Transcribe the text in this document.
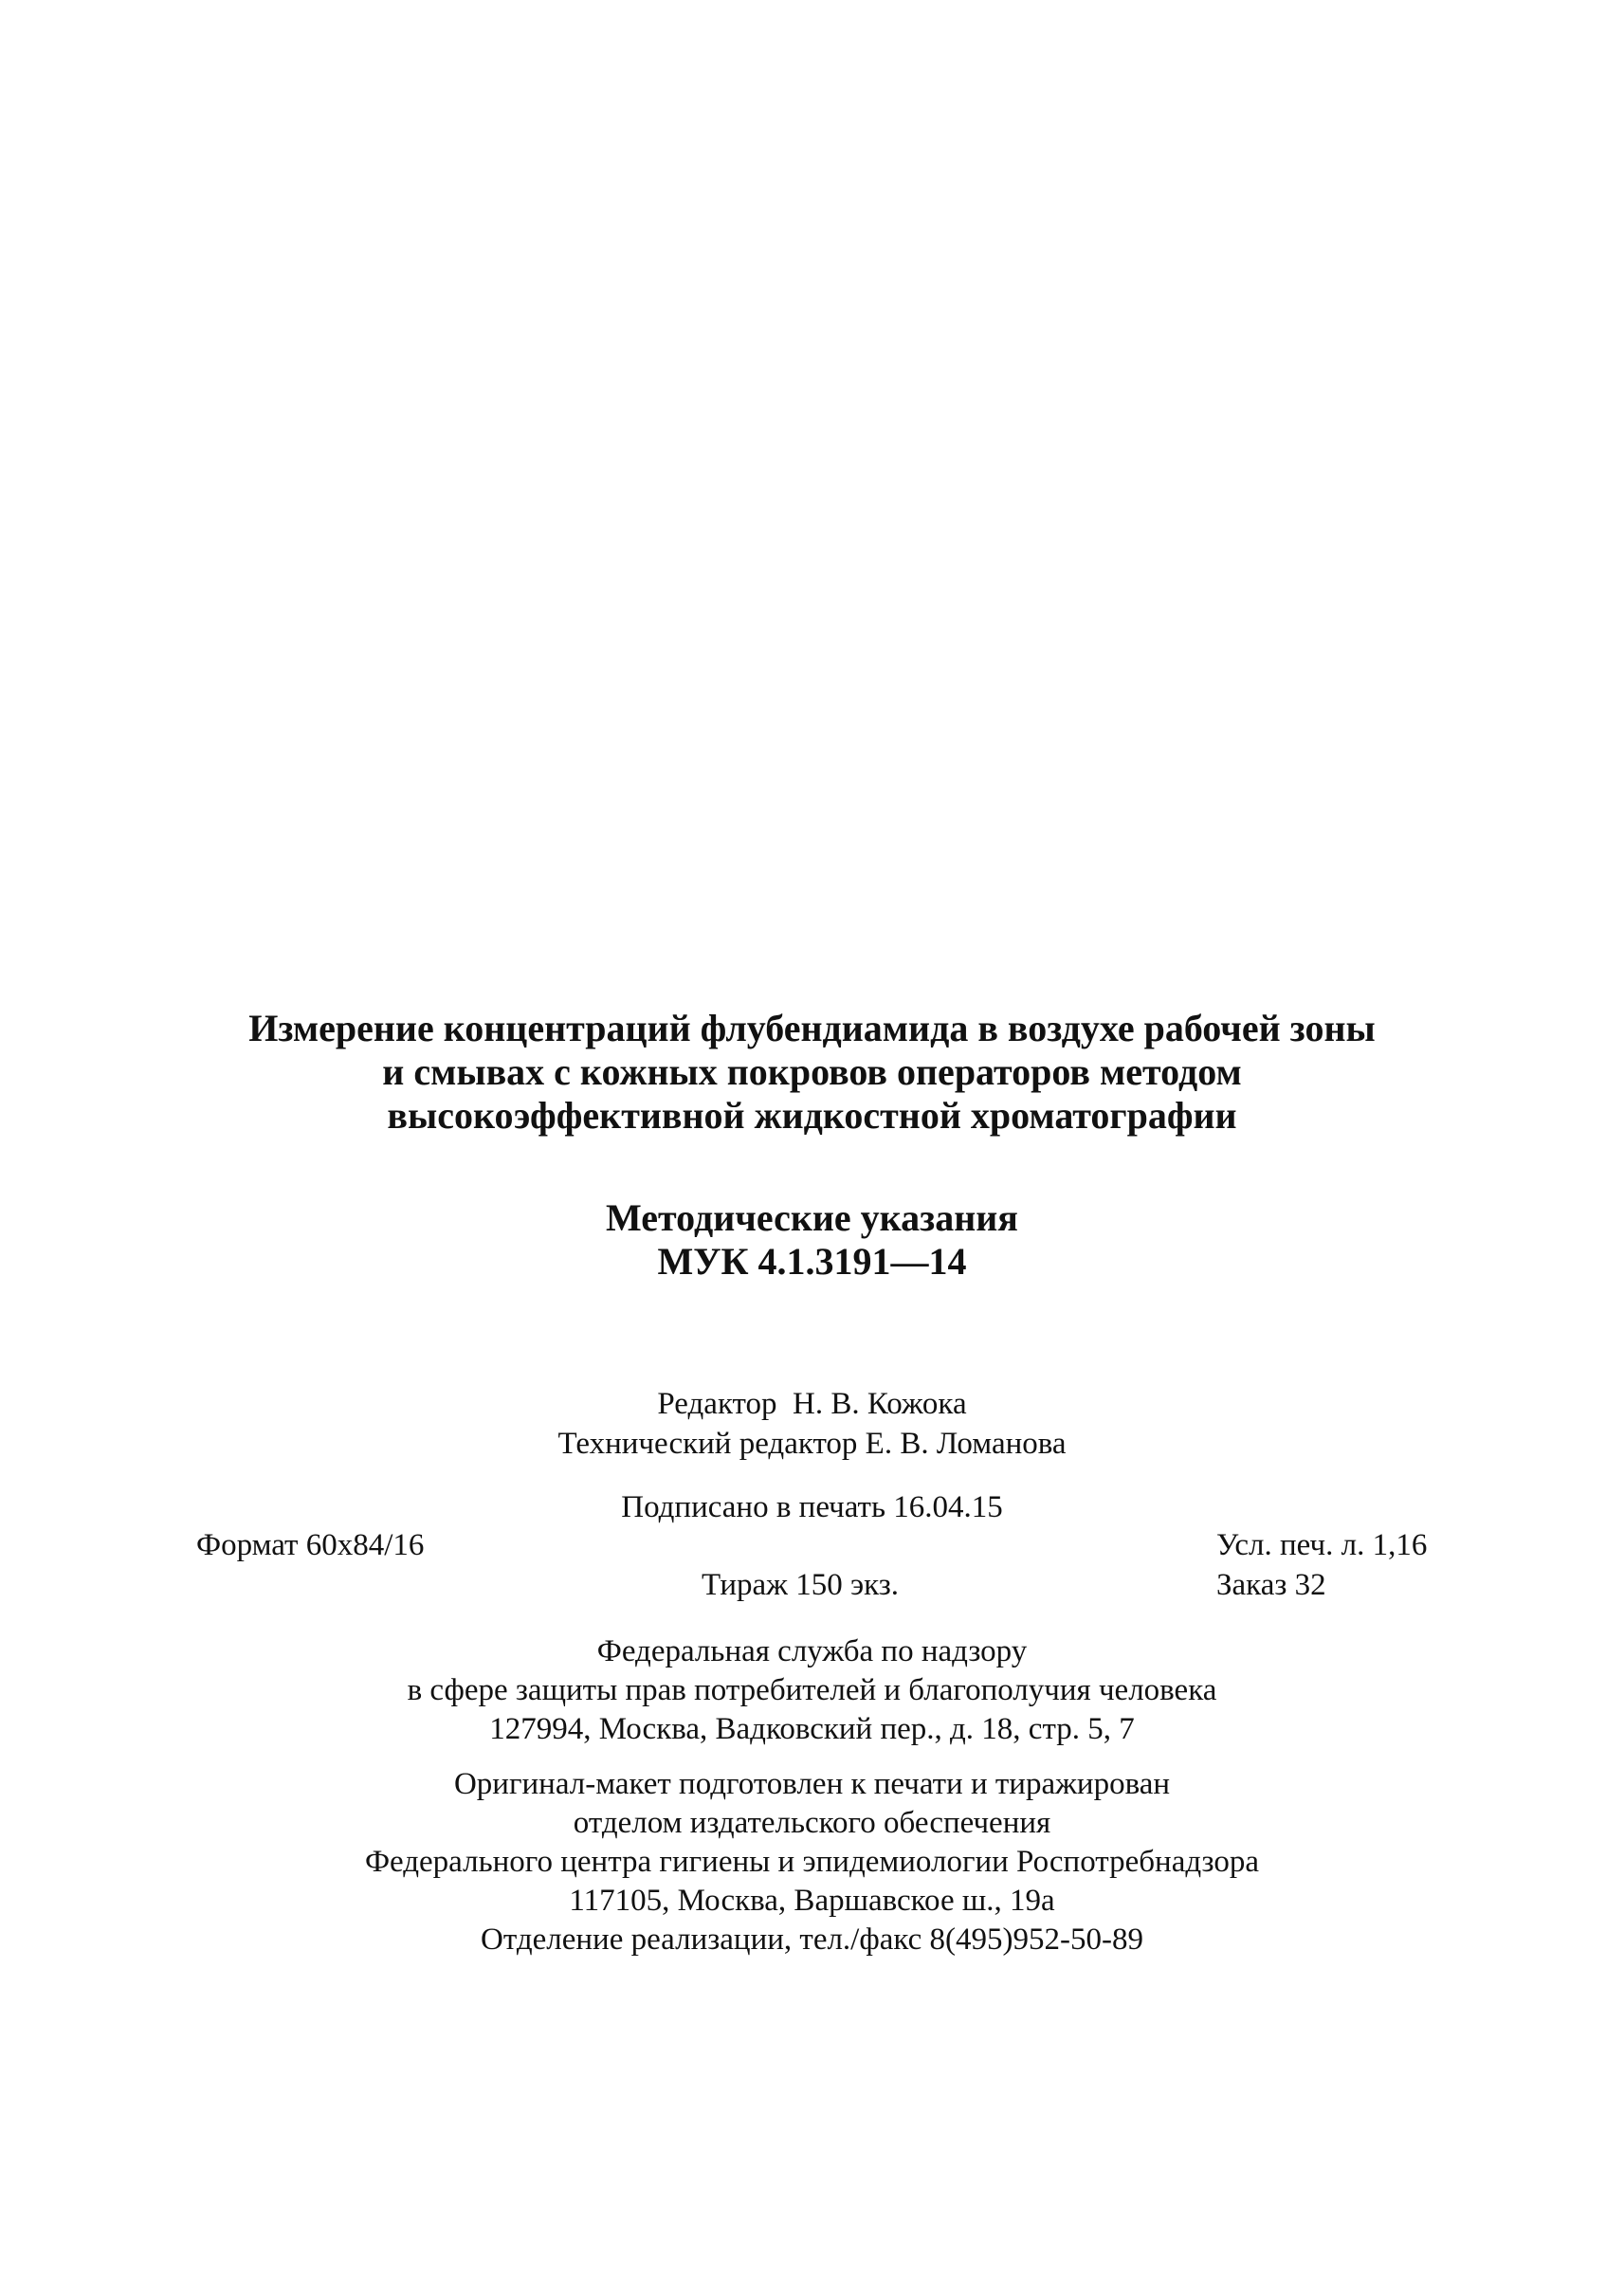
Измерение концентраций флубендиамида в воздухе рабочей зоны
и смывах с кожных покровов операторов методом
высокоэффективной жидкостной хроматографии
Методические указания
МУК 4.1.3191—14
Редактор  Н. В. Кожока
Технический редактор Е. В. Ломанова
Подписано в печать 16.04.15
Формат 60x84/16	Усл. печ. л. 1,16
Тираж 150 экз.	Заказ 32
Федеральная служба по надзору
в сфере защиты прав потребителей и благополучия человека
127994, Москва, Вадковский пер., д. 18, стр. 5, 7
Оригинал-макет подготовлен к печати и тиражирован
отделом издательского обеспечения
Федерального центра гигиены и эпидемиологии Роспотребнадзора
117105, Москва, Варшавское ш., 19а
Отделение реализации, тел./факс 8(495)952-50-89
